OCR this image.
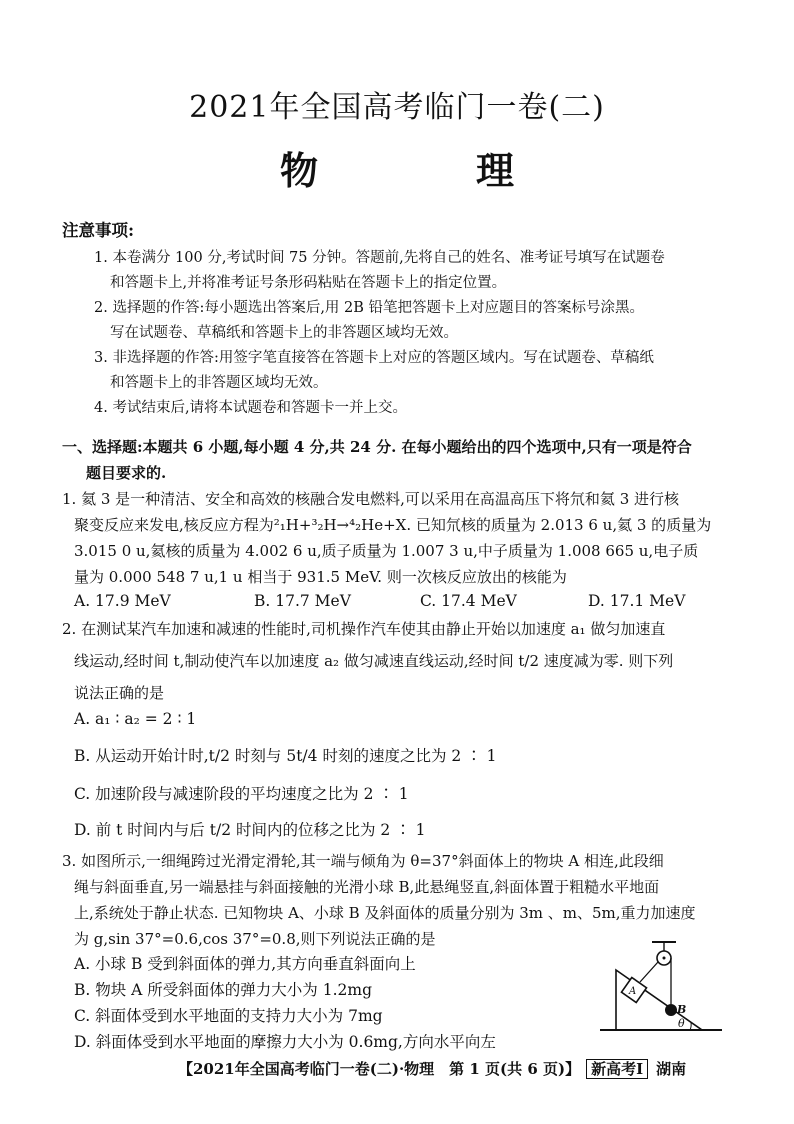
2021年全国高考临门一卷(二)
物　理
注意事项:
1. 本卷满分 100 分,考试时间 75 分钟。答题前,先将自己的姓名、准考证号填写在试题卷
和答题卡上,并将准考证号条形码粘贴在答题卡上的指定位置。
2. 选择题的作答:每小题选出答案后,用 2B 铅笔把答题卡上对应题目的答案标号涂黑。
写在试题卷、草稿纸和答题卡上的非答题区域均无效。
3. 非选择题的作答:用签字笔直接答在答题卡上对应的答题区域内。写在试题卷、草稿纸
和答题卡上的非答题区域均无效。
4. 考试结束后,请将本试题卷和答题卡一并上交。
一、选择题:本题共 6 小题,每小题 4 分,共 24 分. 在每小题给出的四个选项中,只有一项是符合
题目要求的.
1. 氦 3 是一种清洁、安全和高效的核融合发电燃料,可以采用在高温高压下将氘和氦 3 进行核
聚变反应来发电,核反应方程为²₁H+³₂H→⁴₂He+X. 已知氘核的质量为 2.013 6 u,氦 3 的质量为
3.015 0 u,氦核的质量为 4.002 6 u,质子质量为 1.007 3 u,中子质量为 1.008 665 u,电子质
量为 0.000 548 7 u,1 u 相当于 931.5 MeV. 则一次核反应放出的核能为
A. 17.9 MeV	B. 17.7 MeV	C. 17.4 MeV	D. 17.1 MeV
2. 在测试某汽车加速和减速的性能时,司机操作汽车使其由静止开始以加速度 a₁ 做匀加速直
线运动,经时间 t,制动使汽车以加速度 a₂ 做匀减速直线运动,经时间 t/2 速度减为零. 则下列
说法正确的是
A. a₁ ∶ a₂ = 2 ∶ 1
B. 从运动开始计时,t/2 时刻与 5t/4 时刻的速度之比为 2 ∶ 1
C. 加速阶段与减速阶段的平均速度之比为 2 ∶ 1
D. 前 t 时间内与后 t/2 时间内的位移之比为 2 ∶ 1
3. 如图所示,一细绳跨过光滑定滑轮,其一端与倾角为 θ=37°斜面体上的物块 A 相连,此段细
绳与斜面垂直,另一端悬挂与斜面接触的光滑小球 B,此悬绳竖直,斜面体置于粗糙水平地面
上,系统处于静止状态. 已知物块 A、小球 B 及斜面体的质量分别为 3m 、m、5m,重力加速度
为 g,sin 37°=0.6,cos 37°=0.8,则下列说法正确的是
A. 小球 B 受到斜面体的弹力,其方向垂直斜面向上
B. 物块 A 所受斜面体的弹力大小为 1.2mg
C. 斜面体受到水平地面的支持力大小为 7mg
D. 斜面体受到水平地面的摩擦力大小为 0.6mg,方向水平向左
B
A
θ
【2021年全国高考临门一卷(二)·物理　第 1 页(共 6 页)】 新高考Ⅰ 湖南
